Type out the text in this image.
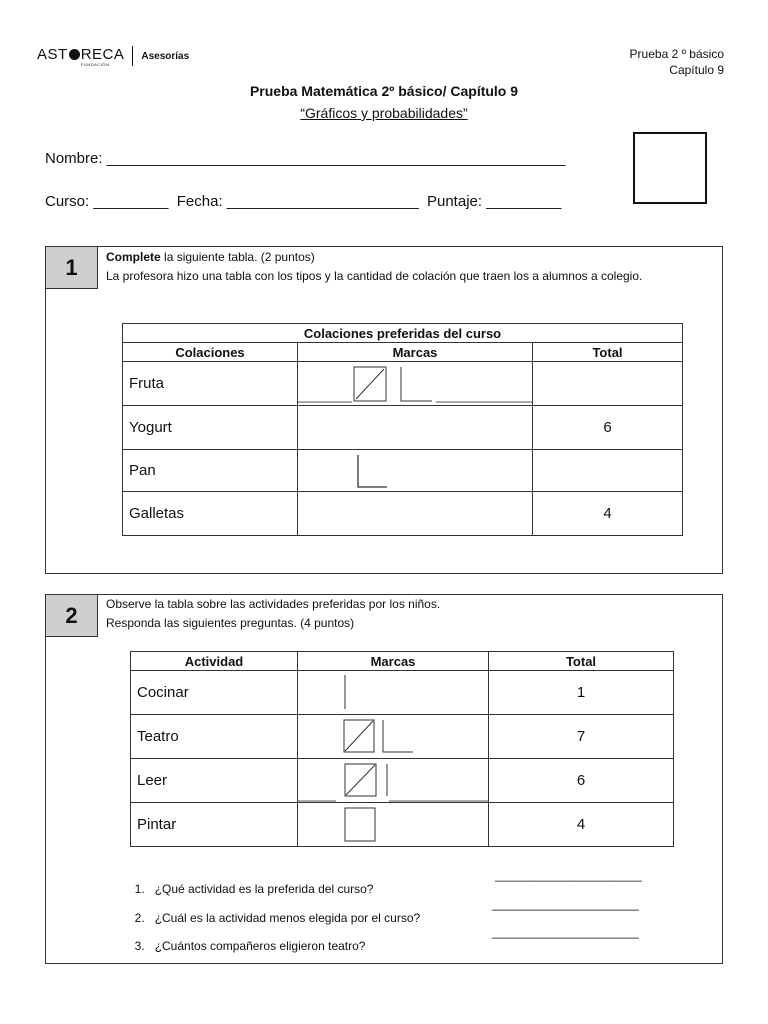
AST RECA
FUNDACIÓN
Asesorías	Prueba 2 º básico
Capítulo 9
Prueba Matemática 2º básico/ Capítulo 9
“Gráficos y probabilidades”
Nombre: _______________________________________________________
Curso: _________  Fecha: _______________________  Puntaje: _________
1	Complete la siguiente tabla. (2 puntos)
La profesora hizo una tabla con los tipos y la cantidad de colación que traen los a alumnos a colegio.
Colaciones preferidas del curso		
Colaciones	Marcas	Total
Fruta	

Yogurt		6
Pan	

Galletas		4
2	Observe la tabla sobre las actividades preferidas por los niños.
Responda las siguientes preguntas. (4 puntos)
Actividad	Marcas	Total
Cocinar		1
Teatro		7
Leer		6
Pintar		4

1. ¿Qué actividad es la preferida del curso?

______________________

2. ¿Cuál es la actividad menos elegida por el curso?

______________________

3. ¿Cuántos compañeros eligieron teatro?

______________________
